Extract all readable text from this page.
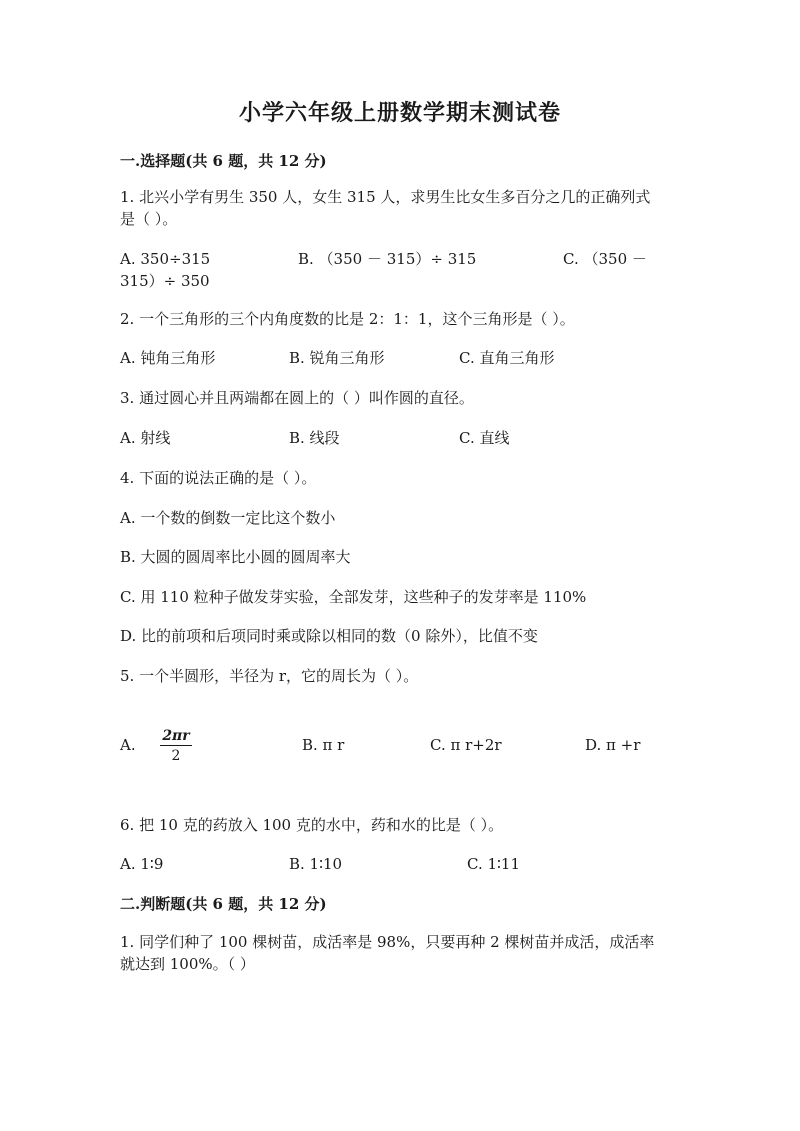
小学六年级上册数学期末测试卷
一.选择题(共 6 题，共 12 分)
1. 北兴小学有男生 350 人，女生 315 人，求男生比女生多百分之几的正确列式
是（ ）。
A. 350÷315	B. （350 － 315）÷ 315	C. （350 －
315）÷ 350
2. 一个三角形的三个内角度数的比是 2：1：1，这个三角形是（ ）。
A. 钝角三角形	B. 锐角三角形	C. 直角三角形
3. 通过圆心并且两端都在圆上的（ ）叫作圆的直径。
A. 射线	B. 线段	C. 直线
4. 下面的说法正确的是（ ）。
A. 一个数的倒数一定比这个数小
B. 大圆的圆周率比小圆的圆周率大
C. 用 110 粒种子做发芽实验，全部发芽，这些种子的发芽率是 110%
D. 比的前项和后项同时乘或除以相同的数（0 除外），比值不变
5. 一个半圆形，半径为 r，它的周长为（ ）。
A. $\frac{2\pi r}{2}$	B. π r	C. π r+2r	D. π +r
6. 把 10 克的药放入 100 克的水中，药和水的比是（ ）。
A. 1∶9	B. 1∶10	C. 1∶11
二.判断题(共 6 题，共 12 分)
1. 同学们种了 100 棵树苗，成活率是 98%，只要再种 2 棵树苗并成活，成活率
就达到 100%。（ ）
